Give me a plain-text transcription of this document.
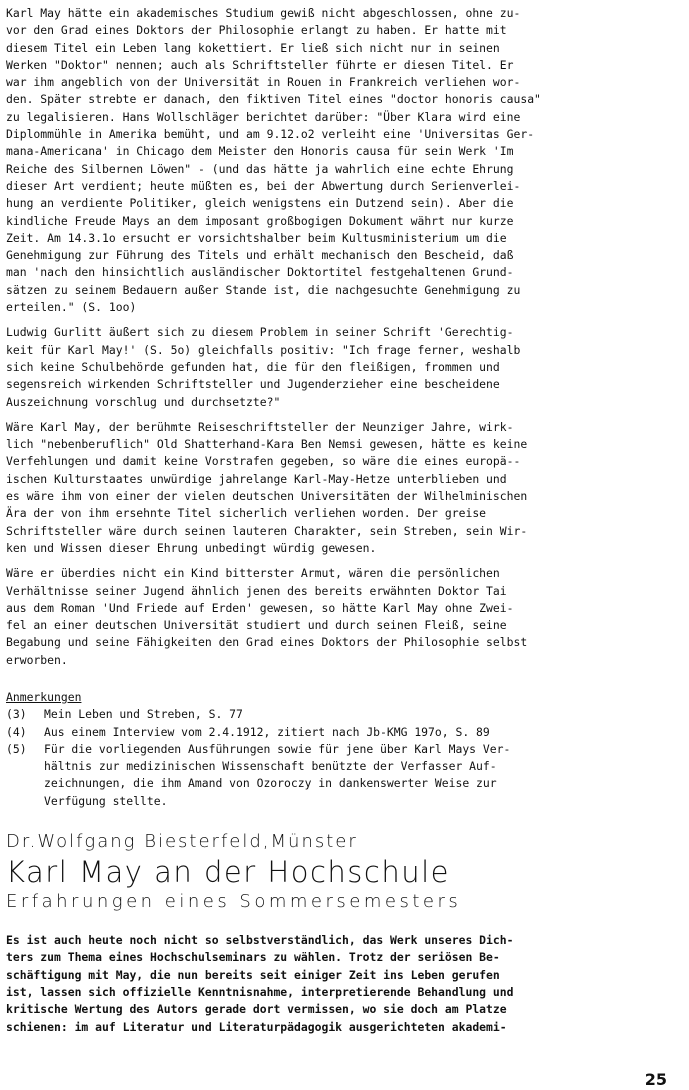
Karl May hätte ein akademisches Studium gewiß nicht abgeschlossen, ohne zu-
vor den Grad eines Doktors der Philosophie erlangt zu haben. Er hatte mit
diesem Titel ein Leben lang kokettiert. Er ließ sich nicht nur in seinen
Werken "Doktor" nennen; auch als Schriftsteller führte er diesen Titel. Er
war ihm angeblich von der Universität in Rouen in Frankreich verliehen wor-
den. Später strebte er danach, den fiktiven Titel eines "doctor honoris causa"
zu legalisieren. Hans Wollschläger berichtet darüber: "Über Klara wird eine
Diplommühle in Amerika bemüht, und am 9.12.o2 verleiht eine 'Universitas Ger-
mana-Americana' in Chicago dem Meister den Honoris causa für sein Werk 'Im
Reiche des Silbernen Löwen" - (und das hätte ja wahrlich eine echte Ehrung
dieser Art verdient; heute müßten es, bei der Abwertung durch Serienverlei-
hung an verdiente Politiker, gleich wenigstens ein Dutzend sein). Aber die
kindliche Freude Mays an dem imposant großbogigen Dokument währt nur kurze
Zeit. Am 14.3.1o ersucht er vorsichtshalber beim Kultusministerium um die
Genehmigung zur Führung des Titels und erhält mechanisch den Bescheid, daß
man 'nach den hinsichtlich ausländischer Doktortitel festgehaltenen Grund-
sätzen zu seinem Bedauern außer Stande ist, die nachgesuchte Genehmigung zu
erteilen." (S. 1oo)
Ludwig Gurlitt äußert sich zu diesem Problem in seiner Schrift 'Gerechtig-
keit für Karl May!' (S. 5o) gleichfalls positiv: "Ich frage ferner, weshalb
sich keine Schulbehörde gefunden hat, die für den fleißigen, frommen und
segensreich wirkenden Schriftsteller und Jugenderzieher eine bescheidene
Auszeichnung vorschlug und durchsetzte?"
Wäre Karl May, der berühmte Reiseschriftsteller der Neunziger Jahre, wirk-
lich "nebenberuflich" Old Shatterhand-Kara Ben Nemsi gewesen, hätte es keine
Verfehlungen und damit keine Vorstrafen gegeben, so wäre die eines europä--
ischen Kulturstaates unwürdige jahrelange Karl-May-Hetze unterblieben und
es wäre ihm von einer der vielen deutschen Universitäten der Wilhelminischen
Ära der von ihm ersehnte Titel sicherlich verliehen worden. Der greise
Schriftsteller wäre durch seinen lauteren Charakter, sein Streben, sein Wir-
ken und Wissen dieser Ehrung unbedingt würdig gewesen.
Wäre er überdies nicht ein Kind bitterster Armut, wären die persönlichen
Verhältnisse seiner Jugend ähnlich jenen des bereits erwähnten Doktor Tai
aus dem Roman 'Und Friede auf Erden' gewesen, so hätte Karl May ohne Zwei-
fel an einer deutschen Universität studiert und durch seinen Fleiß, seine
Begabung und seine Fähigkeiten den Grad eines Doktors der Philosophie selbst
erworben.
Anmerkungen
(3)	Mein Leben und Streben, S. 77
(4)	Aus einem Interview vom 2.4.1912, zitiert nach Jb-KMG 197o, S. 89
(5)	Für die vorliegenden Ausführungen sowie für jene über Karl Mays Ver-
hältnis zur medizinischen Wissenschaft benützte der Verfasser Auf-
zeichnungen, die ihm Amand von Ozoroczy in dankenswerter Weise zur
Verfügung stellte.
Dr.Wolfgang Biesterfeld,Münster
Karl May an der Hochschule
Erfahrungen eines Sommersemesters
Es ist auch heute noch nicht so selbstverständlich, das Werk unseres Dich-
ters zum Thema eines Hochschulseminars zu wählen. Trotz der seriösen Be-
schäftigung mit May, die nun bereits seit einiger Zeit ins Leben gerufen
ist, lassen sich offizielle Kenntnisnahme, interpretierende Behandlung und
kritische Wertung des Autors gerade dort vermissen, wo sie doch am Platze
schienen: im auf Literatur und Literaturpädagogik ausgerichteten akademi-
25
